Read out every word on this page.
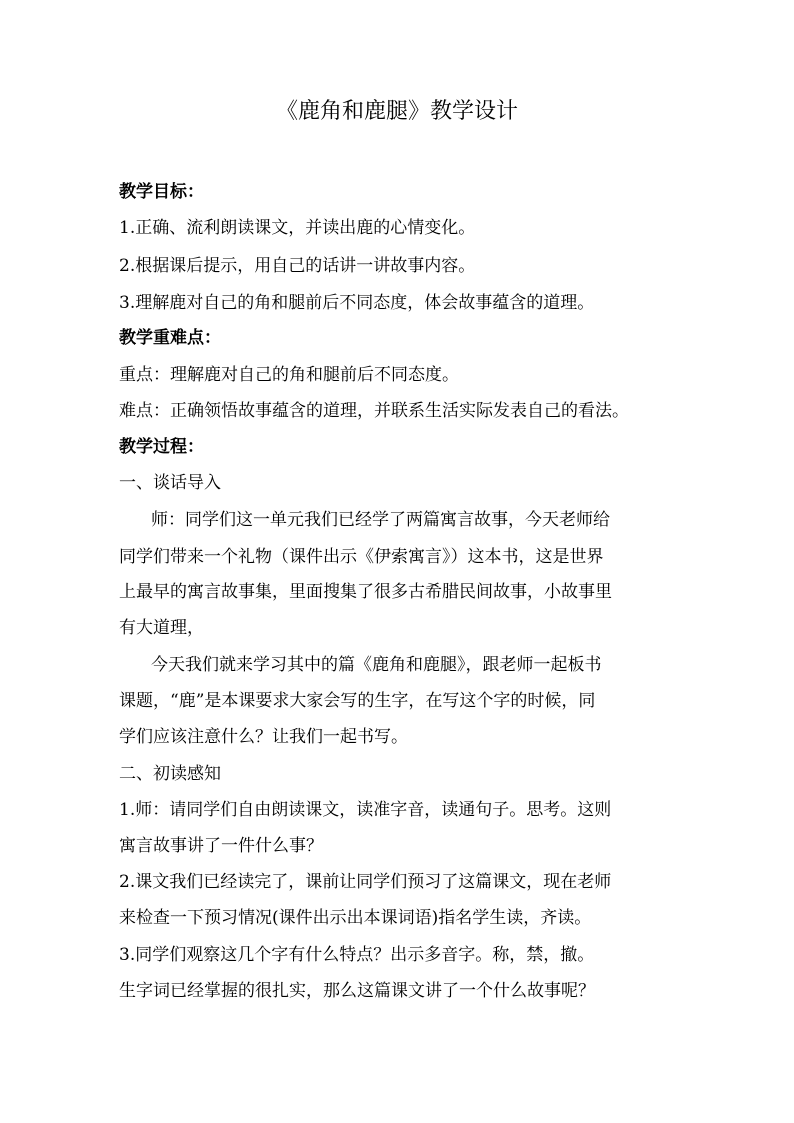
《鹿角和鹿腿》教学设计
教学目标：
1.正确、流利朗读课文，并读出鹿的心情变化。
2.根据课后提示，用自己的话讲一讲故事内容。
3.理解鹿对自己的角和腿前后不同态度，体会故事蕴含的道理。
教学重难点：
重点：理解鹿对自己的角和腿前后不同态度。
难点：正确领悟故事蕴含的道理，并联系生活实际发表自己的看法。
教学过程：
一、谈话导入
师：同学们这一单元我们已经学了两篇寓言故事，今天老师给
同学们带来一个礼物（课件出示《伊索寓言》）这本书，这是世界
上最早的寓言故事集，里面搜集了很多古希腊民间故事，小故事里
有大道理，
今天我们就来学习其中的篇《鹿角和鹿腿》，跟老师一起板书
课题，“鹿”是本课要求大家会写的生字，在写这个字的时候，同
学们应该注意什么？让我们一起书写。
二、初读感知
1.师：请同学们自由朗读课文，读准字音，读通句子。思考。这则
寓言故事讲了一件什么事？
2.课文我们已经读完了，课前让同学们预习了这篇课文，现在老师
来检查一下预习情况(课件出示出本课词语)指名学生读，齐读。
3.同学们观察这几个字有什么特点？出示多音字。称，禁，撤。
生字词已经掌握的很扎实，那么这篇课文讲了一个什么故事呢？
